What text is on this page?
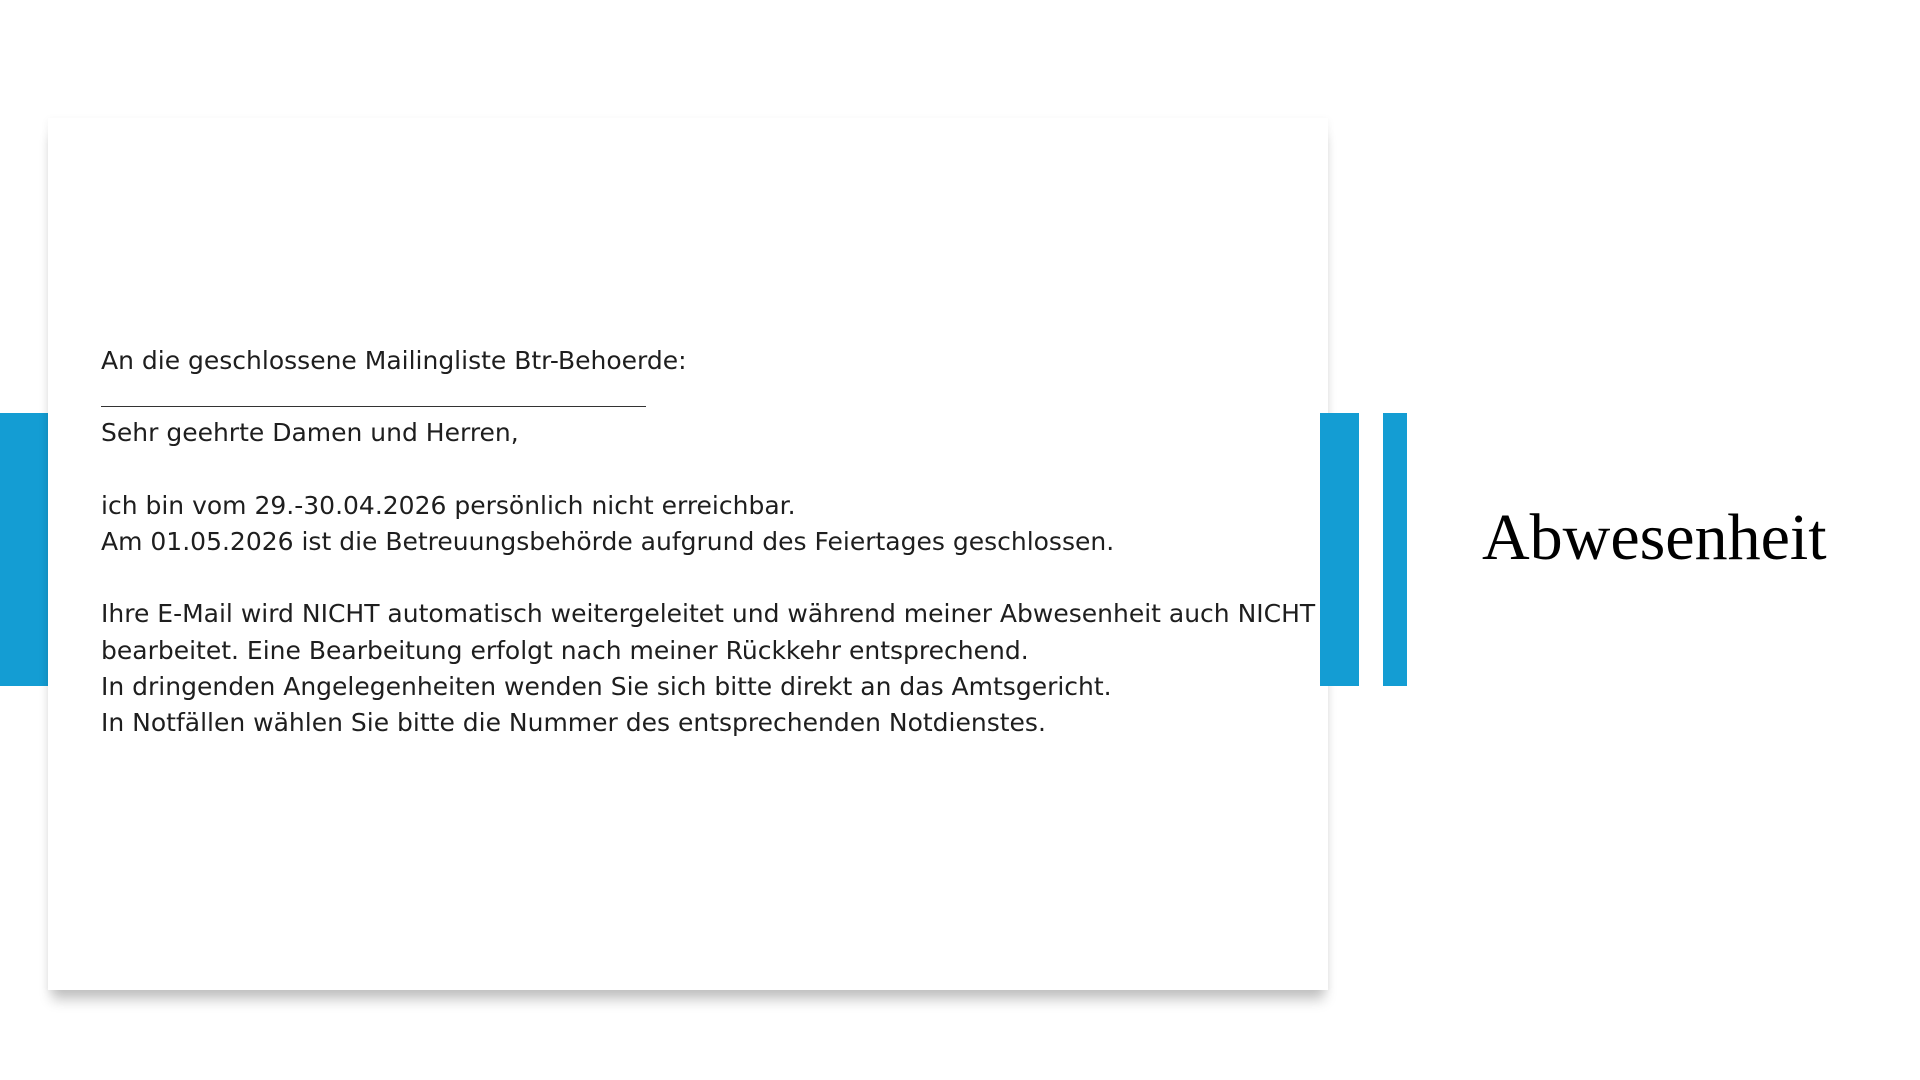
An die geschlossene Mailingliste Btr-Behoerde:
Sehr geehrte Damen und Herren,
ich bin vom 29.-30.04.2026 persönlich nicht erreichbar.
Am 01.05.2026 ist die Betreuungsbehörde aufgrund des Feiertages geschlossen.
Ihre E-Mail wird NICHT automatisch weitergeleitet und während meiner Abwesenheit auch NICHT
bearbeitet. Eine Bearbeitung erfolgt nach meiner Rückkehr entsprechend.
In dringenden Angelegenheiten wenden Sie sich bitte direkt an das Amtsgericht.
In Notfällen wählen Sie bitte die Nummer des entsprechenden Notdienstes.
Abwesenheit
